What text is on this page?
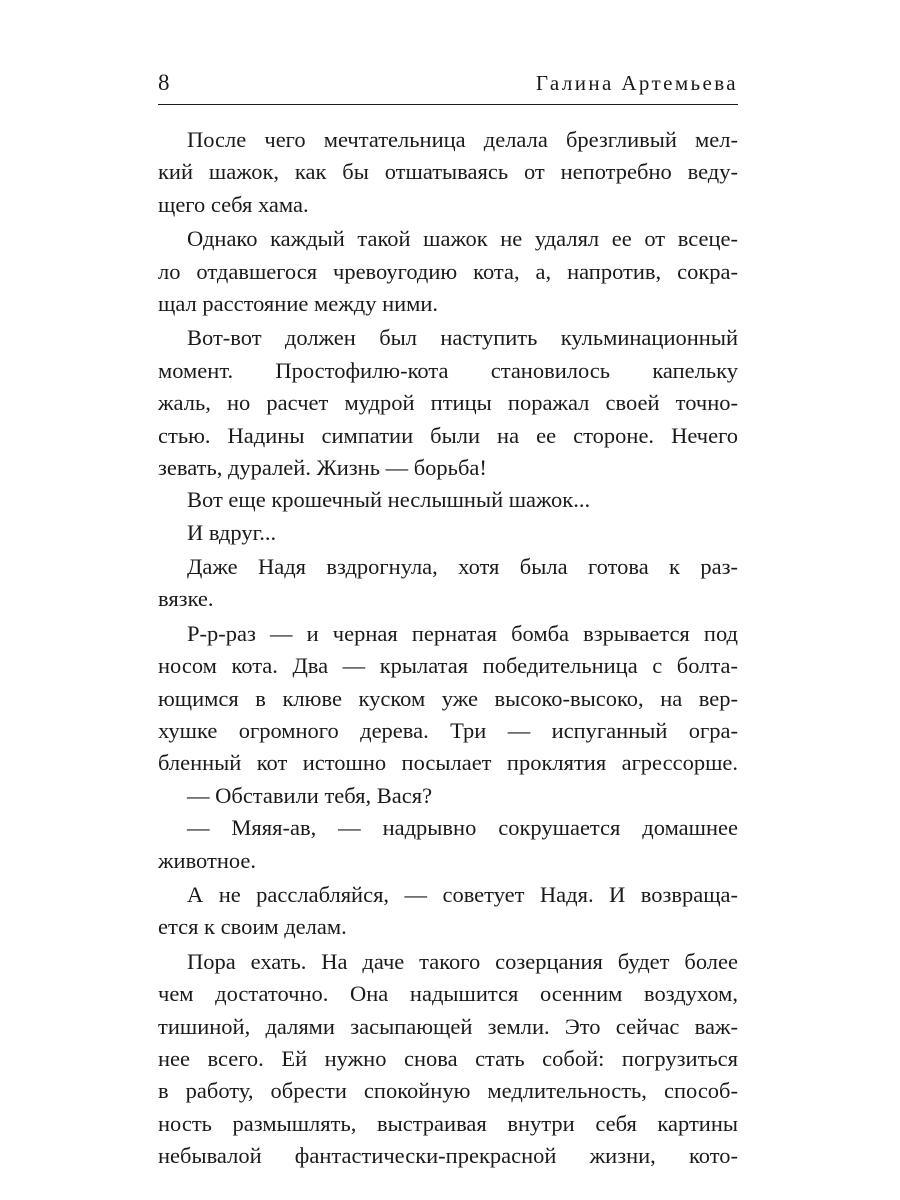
8	Галина Артемьева
После чего мечтательница делала брезгливый мел-
кий шажок, как бы отшатываясь от непотребно веду-
щего себя хама.
Однако каждый такой шажок не удалял ее от всеце-
ло отдавшегося чревоугодию кота, а, напротив, сокра-
щал расстояние между ними.
Вот-вот должен был наступить кульминационный
момент. Простофилю-кота становилось капельку
жаль, но расчет мудрой птицы поражал своей точно-
стью. Надины симпатии были на ее стороне. Нечего
зевать, дуралей. Жизнь — борьба!
Вот еще крошечный неслышный шажок...
И вдруг...
Даже Надя вздрогнула, хотя была готова к раз-
вязке.
Р-р-раз — и черная пернатая бомба взрывается под
носом кота. Два — крылатая победительница с болта-
ющимся в клюве куском уже высоко-высоко, на вер-
хушке огромного дерева. Три — испуганный огра-
бленный кот истошно посылает проклятия агрессорше.
— Обставили тебя, Вася?
— Мяяя-ав, — надрывно сокрушается домашнее
животное.
А не расслабляйся, — советует Надя. И возвраща-
ется к своим делам.
Пора ехать. На даче такого созерцания будет более
чем достаточно. Она надышится осенним воздухом,
тишиной, далями засыпающей земли. Это сейчас важ-
нее всего. Ей нужно снова стать собой: погрузиться
в работу, обрести спокойную медлительность, способ-
ность размышлять, выстраивая внутри себя картины
небывалой фантастически-прекрасной жизни, кото-
